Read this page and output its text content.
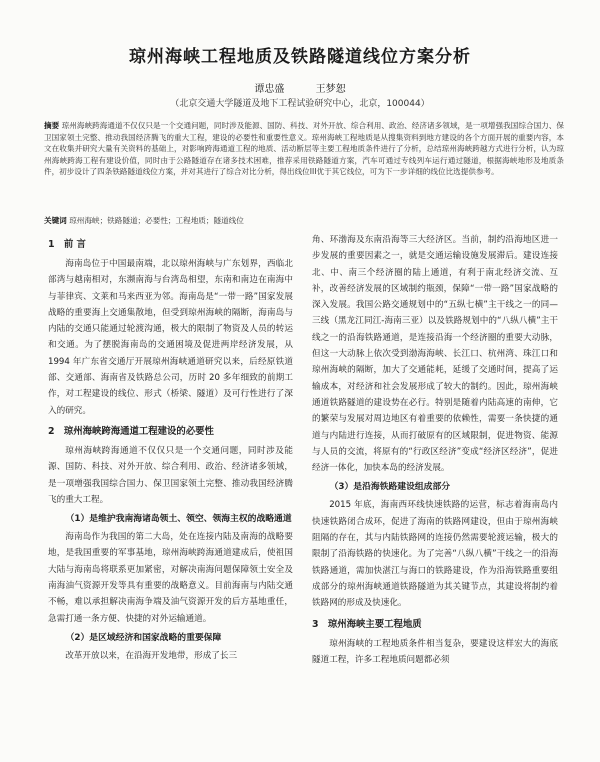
琼州海峡工程地质及铁路隧道线位方案分析
谭忠盛 王梦恕
（北京交通大学隧道及地下工程试验研究中心，北京，100044）
摘要 琼州海峡跨海通道不仅仅只是一个交通问题，同时涉及能源、国防、科技、对外开放、综合利用、政治、经济诸多领域，是一项增强我国综合国力、保卫国家领土完整、推动我国经济腾飞的重大工程，建设的必要性和重要性意义。琼州海峡工程地质是从搜集资料到地方建设的各个方面开展的重要内容，本文在收集并研究大量有关资料的基础上，对影响跨海通道工程的地质、活动断层等主要工程地质条件进行了分析，总结琼州海峡跨越方式进行分析，认为琼州海峡跨海工程有建设价值，同时由于公路隧道存在诸多技术困难，推荐采用铁路隧道方案，汽车可通过专线列车运行通过隧道，根据海峡地形及地质条件，初步设计了四条铁路隧道线位方案，并对其进行了综合对比分析，得出线位III优于其它线位，可为下一步详细的线位比选提供参考。
关键词 琼州海峡；铁路隧道；必要性；工程地质；隧道线位
1　前 言

海南岛位于中国最南端，北以琼州海峡与广东划界，西临北部湾与越南相对，东濒南海与台湾岛相望，东南和南边在南海中与菲律宾、文莱和马来西亚为邻。海南岛是“一带一路”国家发展战略的重要海上交通集散地，但受到琼州海峡的隔断，海南岛与内陆的交通只能通过轮渡沟通，极大的限制了物资及人员的转运和交通。为了摆脱海南岛的交通困境及促进两岸经济发展，从 1994 年广东省交通厅开展琼州海峡通道研究以来，后经原铁道部、交通部、海南省及铁路总公司，历时 20 多年细致的前期工作，对工程建设的线位、形式（桥梁、隧道）及可行性进行了深入的研究。

2　琼州海峡跨海通道工程建设的必要性

琼州海峡跨海通道不仅仅只是一个交通问题，同时涉及能源、国防、科技、对外开放、综合利用、政治、经济诸多领域，是一项增强我国综合国力、保卫国家领土完整、推动我国经济腾飞的重大工程。

（1）是维护我南海诸岛领土、领空、领海主权的战略通道

海南岛作为我国的第二大岛，处在连接内陆及南海的战略要地，是我国重要的军事基地，琼州海峡跨海通道建成后，使祖国大陆与海南岛将联系更加紧密，对解决南海问题保障领土安全及南海油气资源开发等具有重要的战略意义。目前海南与内陆交通不畅，难以承担解决南海争端及油气资源开发的后方基地重任，急需打通一条方便、快捷的对外运输通道。

（2）是区域经济和国家战略的重要保障

改革开放以来，在沿海开发地带，形成了长三

角、环渤海及东南沿海等三大经济区。当前，制约沿海地区进一步发展的重要因素之一，就是交通运输设施发展滞后。建设连接北、中、南三个经济圈的陆上通道，有利于南北经济交流、互补，改善经济发展的区域制约瓶颈，保障“一带一路”国家战略的深入发展。我国公路交通规划中的“五纵七横”主干线之一的同—三线（黑龙江同江-海南三亚）以及铁路规划中的“八纵八横”主干线之一的沿海铁路通道，是连接沿海一个经济圈的重要大动脉，但这一大动脉上依次受到渤海海峡、长江口、杭州湾、珠江口和琼州海峡的隔断，加大了交通能耗，延缓了交通时间，提高了运输成本，对经济和社会发展形成了较大的制约。因此，琼州海峡通道铁路隧道的建设势在必行。特别是随着内陆高速的南伸，它的繁荣与发展对周边地区有着重要的依赖性，需要一条快捷的通道与内陆进行连接，从而打破原有的区域限制，促进物资、能源与人员的交流，将原有的“行政区经济”变成“经济区经济”，促进经济一体化，加快本岛的经济发展。

（3）是沿海铁路建设组成部分

2015 年底，海南西环线快速铁路的运营，标志着海南岛内快速铁路闭合成环，促进了海南的铁路网建设，但由于琼州海峡阻隔的存在，其与内陆铁路网的连接仍然需要轮渡运输，极大的限制了沿海铁路的快速化。为了完善“八纵八横”干线之一的沿海铁路通道，需加快湛江与海口的铁路建设，作为沿海铁路重要组成部分的琼州海峡通道铁路隧道为其关键节点，其建设将制约着铁路网的形成及快速化。

3　琼州海峡主要工程地质

琼州海峡的工程地质条件相当复杂，要建设这样宏大的海底隧道工程，许多工程地质问题都必须
